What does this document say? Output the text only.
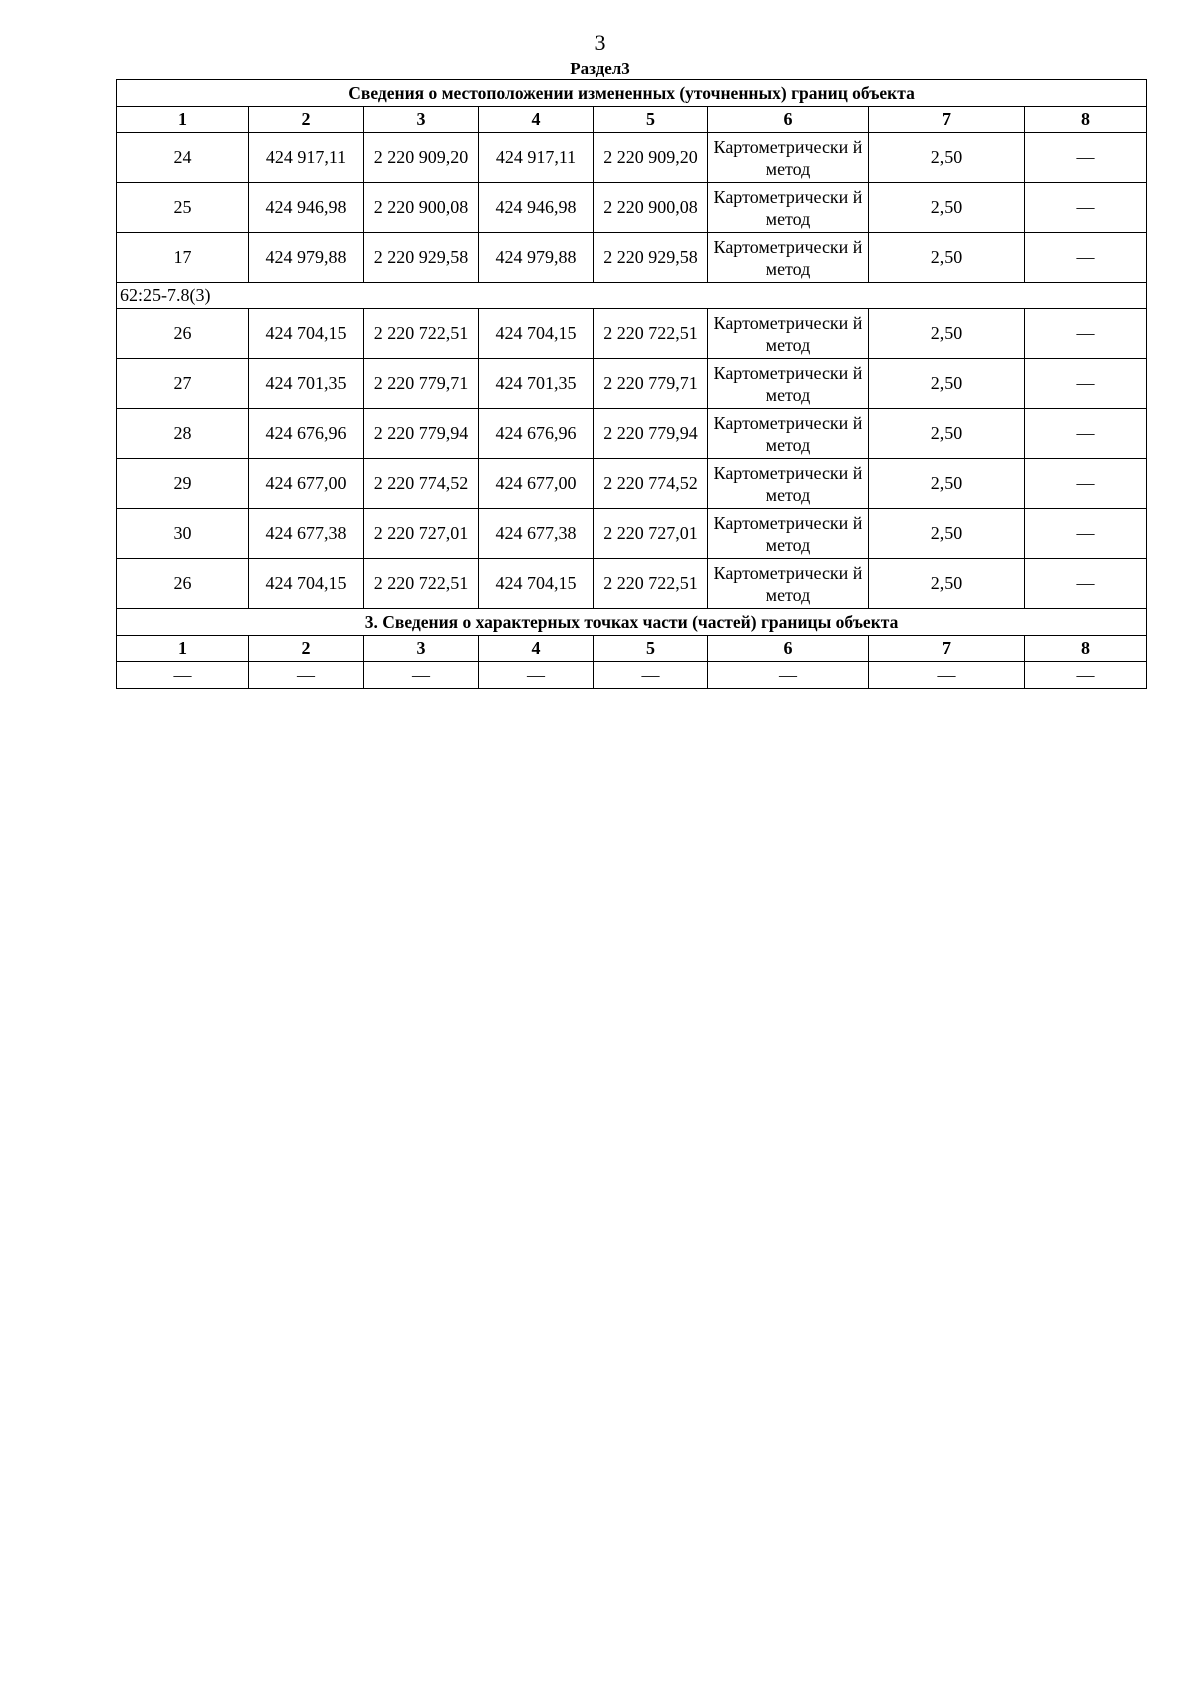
3
Раздел3
Сведения о местоположении измененных (уточненных) границ объекта							
1	2	3	4	5	6	7	8
24	424 917,11	2 220 909,20	424 917,11	2 220 909,20	Картометрически й метод	2,50	—
25	424 946,98	2 220 900,08	424 946,98	2 220 900,08	Картометрически й метод	2,50	—
17	424 979,88	2 220 929,58	424 979,88	2 220 929,58	Картометрически й метод	2,50	—
62:25-7.8(3)							
26	424 704,15	2 220 722,51	424 704,15	2 220 722,51	Картометрически й метод	2,50	—
27	424 701,35	2 220 779,71	424 701,35	2 220 779,71	Картометрически й метод	2,50	—
28	424 676,96	2 220 779,94	424 676,96	2 220 779,94	Картометрически й метод	2,50	—
29	424 677,00	2 220 774,52	424 677,00	2 220 774,52	Картометрически й метод	2,50	—
30	424 677,38	2 220 727,01	424 677,38	2 220 727,01	Картометрически й метод	2,50	—
26	424 704,15	2 220 722,51	424 704,15	2 220 722,51	Картометрически й метод	2,50	—
3. Сведения о характерных точках части (частей) границы объекта							
1	2	3	4	5	6	7	8
—	—	—	—	—	—	—	—
